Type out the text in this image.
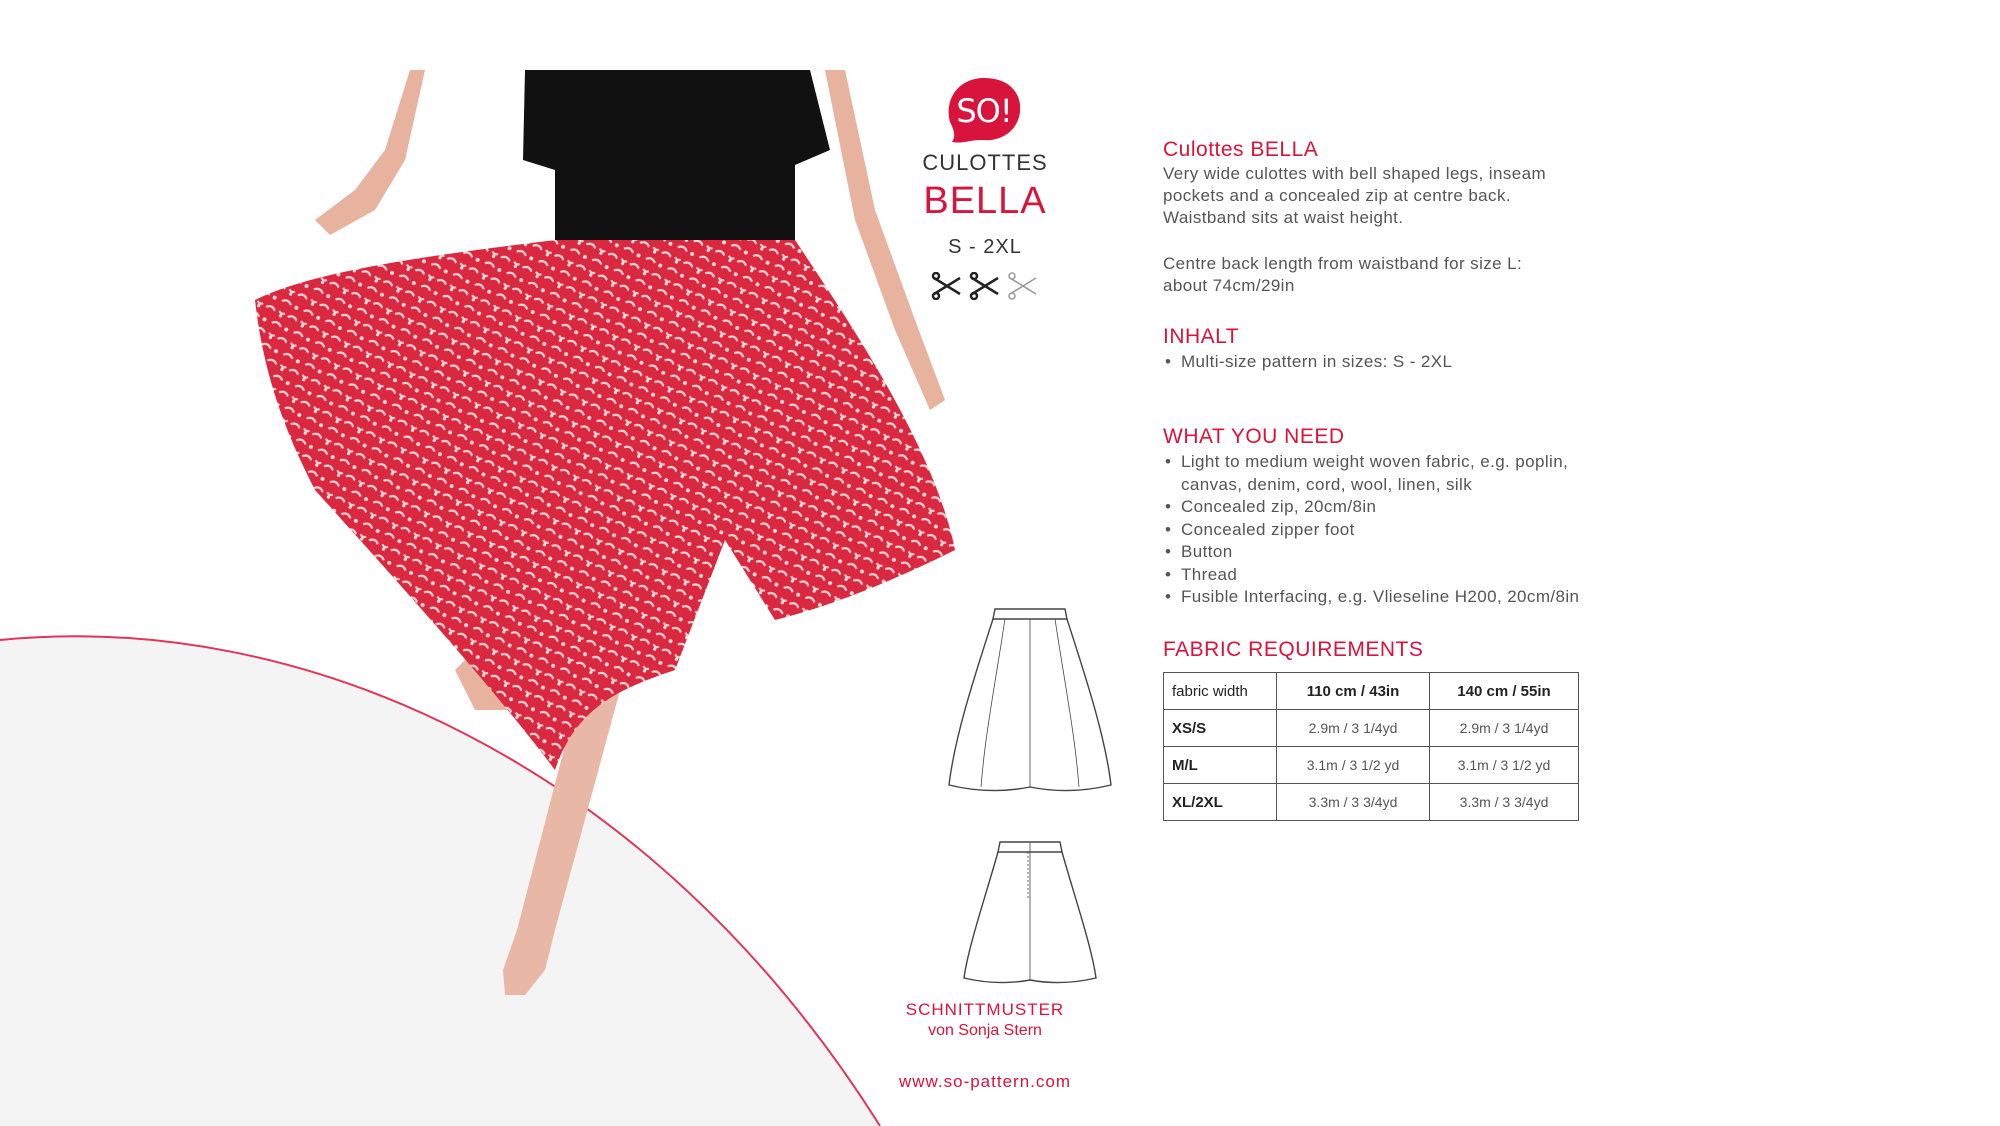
SO!
CULOTTES
BELLA
S - 2XL
SCHNITTMUSTER
von Sonja Stern
www.so-pattern.com
Culottes BELLA
Very wide culottes with bell shaped legs, inseam
pockets and a concealed zip at centre back.
Waistband sits at waist height.
Centre back length from waistband for size L:
about 74cm/29in
INHALT
• Multi-size pattern in sizes: S - 2XL
WHAT YOU NEED
• Light to medium weight woven fabric, e.g. poplin,
canvas, denim, cord, wool, linen, silk
• Concealed zip, 20cm/8in
• Concealed zipper foot
• Button
• Thread
• Fusible Interfacing, e.g. Vlieseline H200, 20cm/8in
FABRIC REQUIREMENTS
fabric width	110 cm / 43in	140 cm / 55in
XS/S	2.9m / 3 1/4yd	2.9m / 3 1/4yd
M/L	3.1m / 3 1/2 yd	3.1m / 3 1/2 yd
XL/2XL	3.3m / 3 3/4yd	3.3m / 3 3/4yd
